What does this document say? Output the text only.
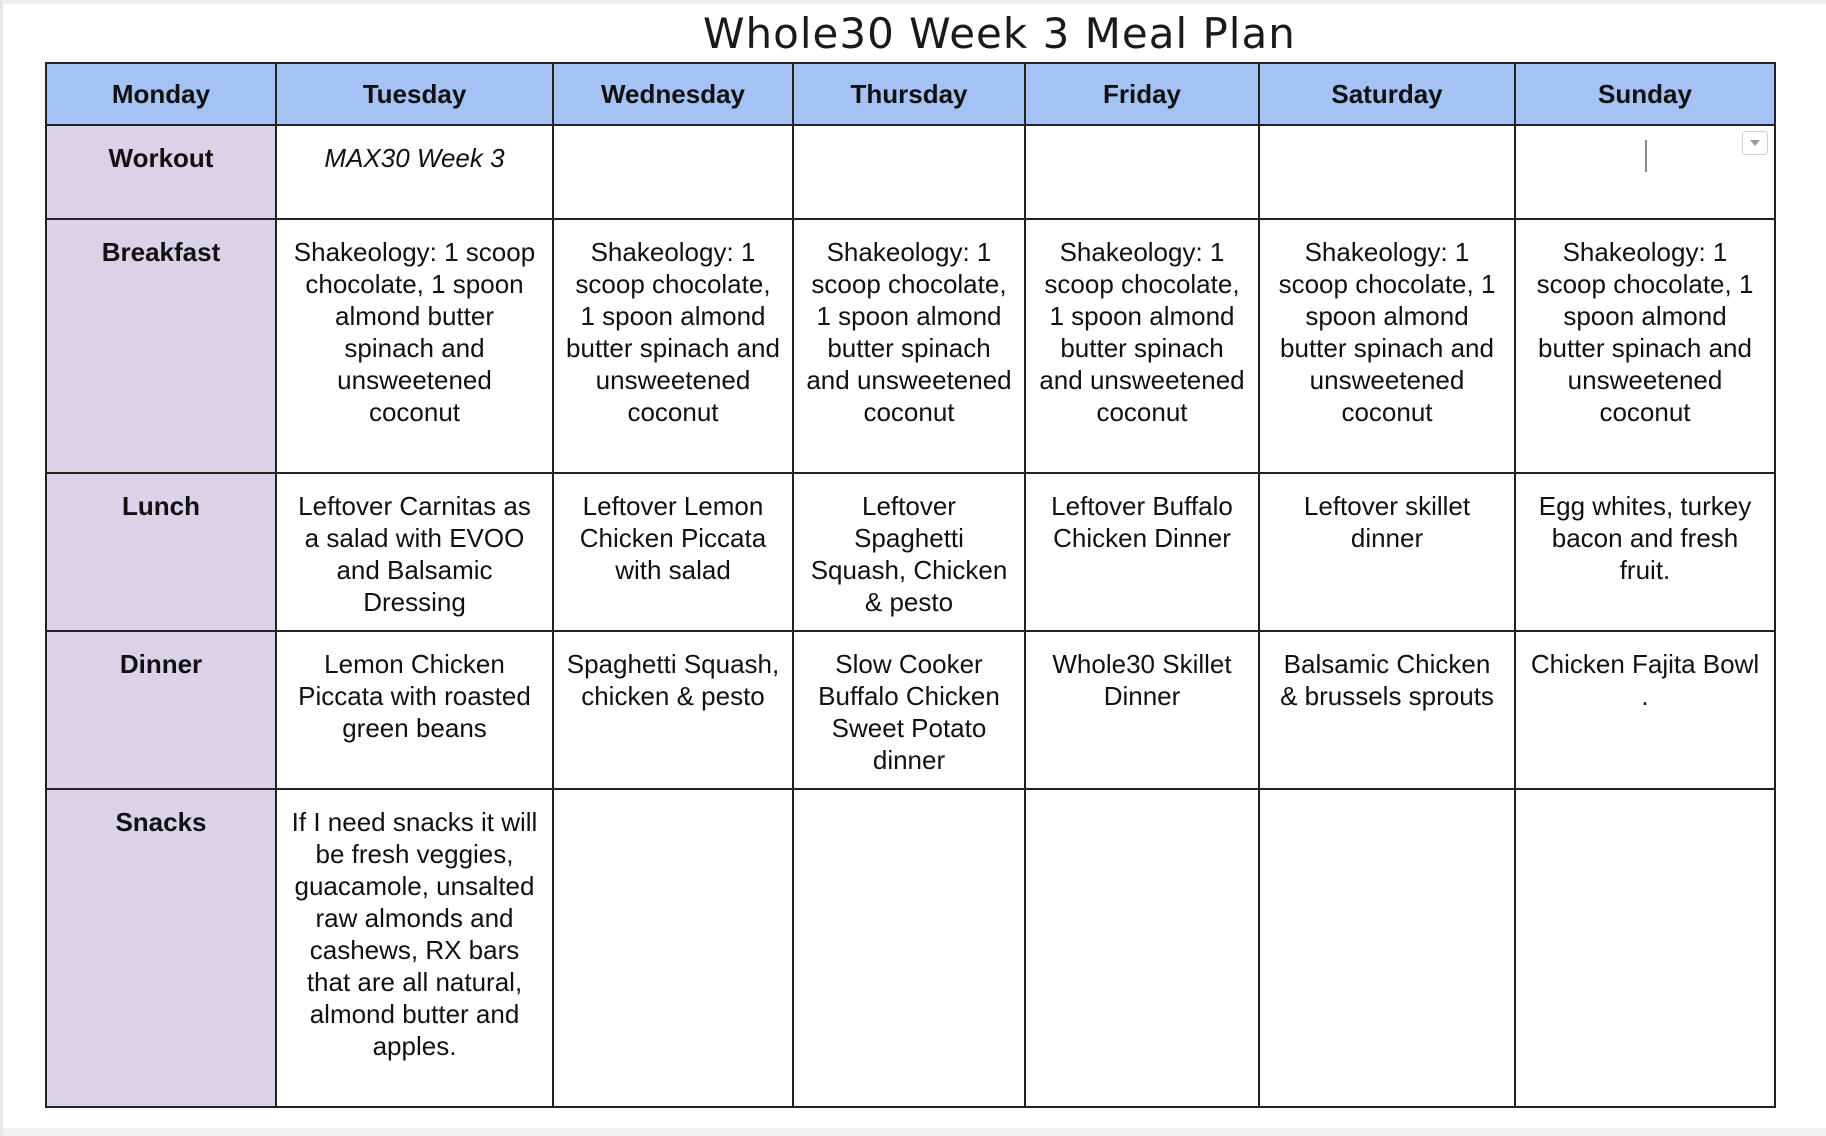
Whole30 Week 3 Meal Plan
Monday	Tuesday	Wednesday	Thursday	Friday	Saturday	Sunday
Workout	MAX30 Week 3					
Breakfast	Shakeology: 1 scoop chocolate, 1 spoon almond butter spinach and unsweetened coconut	Shakeology: 1 scoop chocolate, 1 spoon almond butter spinach and unsweetened coconut	Shakeology: 1 scoop chocolate, 1 spoon almond butter spinach and unsweetened coconut	Shakeology: 1 scoop chocolate, 1 spoon almond butter spinach and unsweetened coconut	Shakeology: 1 scoop chocolate, 1 spoon almond butter spinach and unsweetened coconut	Shakeology: 1 scoop chocolate, 1 spoon almond butter spinach and unsweetened coconut
Lunch	Leftover Carnitas as a salad with EVOO and Balsamic Dressing	Leftover Lemon Chicken Piccata with salad	Leftover Spaghetti Squash, Chicken & pesto	Leftover Buffalo Chicken Dinner	Leftover skillet dinner	Egg whites, turkey bacon and fresh fruit.
Dinner	Lemon Chicken Piccata with roasted green beans	Spaghetti Squash, chicken & pesto	Slow Cooker Buffalo Chicken Sweet Potato dinner	Whole30 Skillet Dinner	Balsamic Chicken & brussels sprouts	Chicken Fajita Bowl .
Snacks	If I need snacks it will be fresh veggies, guacamole, unsalted raw almonds and cashews, RX bars that are all natural, almond butter and apples.					
